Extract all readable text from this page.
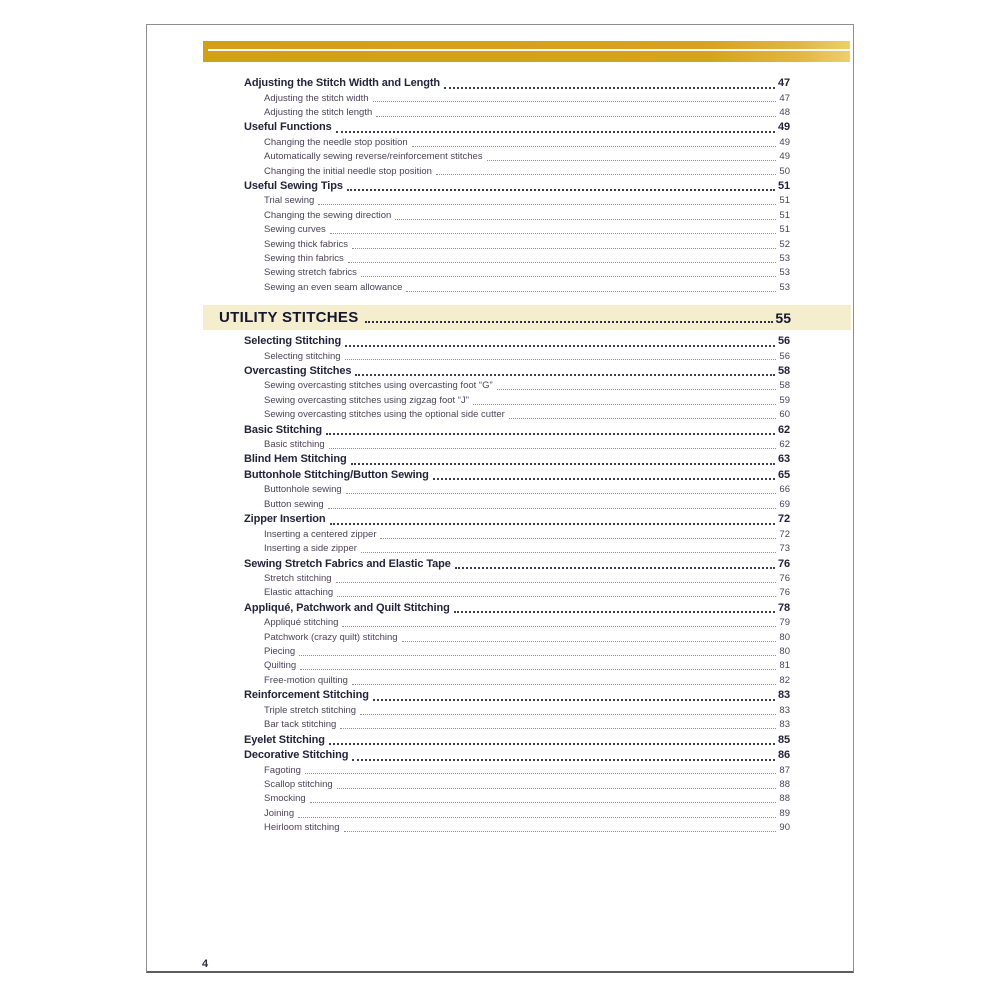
Adjusting the Stitch Width and Length	47
Adjusting the stitch width	47
Adjusting the stitch length	48
Useful Functions	49
Changing the needle stop position	49
Automatically sewing reverse/reinforcement stitches	49
Changing the initial needle stop position	50
Useful Sewing Tips	51
Trial sewing	51
Changing the sewing direction	51
Sewing curves	51
Sewing thick fabrics	52
Sewing thin fabrics	53
Sewing stretch fabrics	53
Sewing an even seam allowance	53
UTILITY STITCHES	55
Selecting Stitching	56
Selecting stitching	56
Overcasting Stitches	58
Sewing overcasting stitches using overcasting foot “G”	58
Sewing overcasting stitches using zigzag foot “J”	59
Sewing overcasting stitches using the optional side cutter	60
Basic Stitching	62
Basic stitching	62
Blind Hem Stitching	63
Buttonhole Stitching/Button Sewing	65
Buttonhole sewing	66
Button sewing	69
Zipper Insertion	72
Inserting a centered zipper	72
Inserting a side zipper	73
Sewing Stretch Fabrics and Elastic Tape	76
Stretch stitching	76
Elastic attaching	76
Appliqué, Patchwork and Quilt Stitching	78
Appliqué stitching	79
Patchwork (crazy quilt) stitching	80
Piecing	80
Quilting	81
Free-motion quilting	82
Reinforcement Stitching	83
Triple stretch stitching	83
Bar tack stitching	83
Eyelet Stitching	85
Decorative Stitching	86
Fagoting	87
Scallop stitching	88
Smocking	88
Joining	89
Heirloom stitching	90
4
